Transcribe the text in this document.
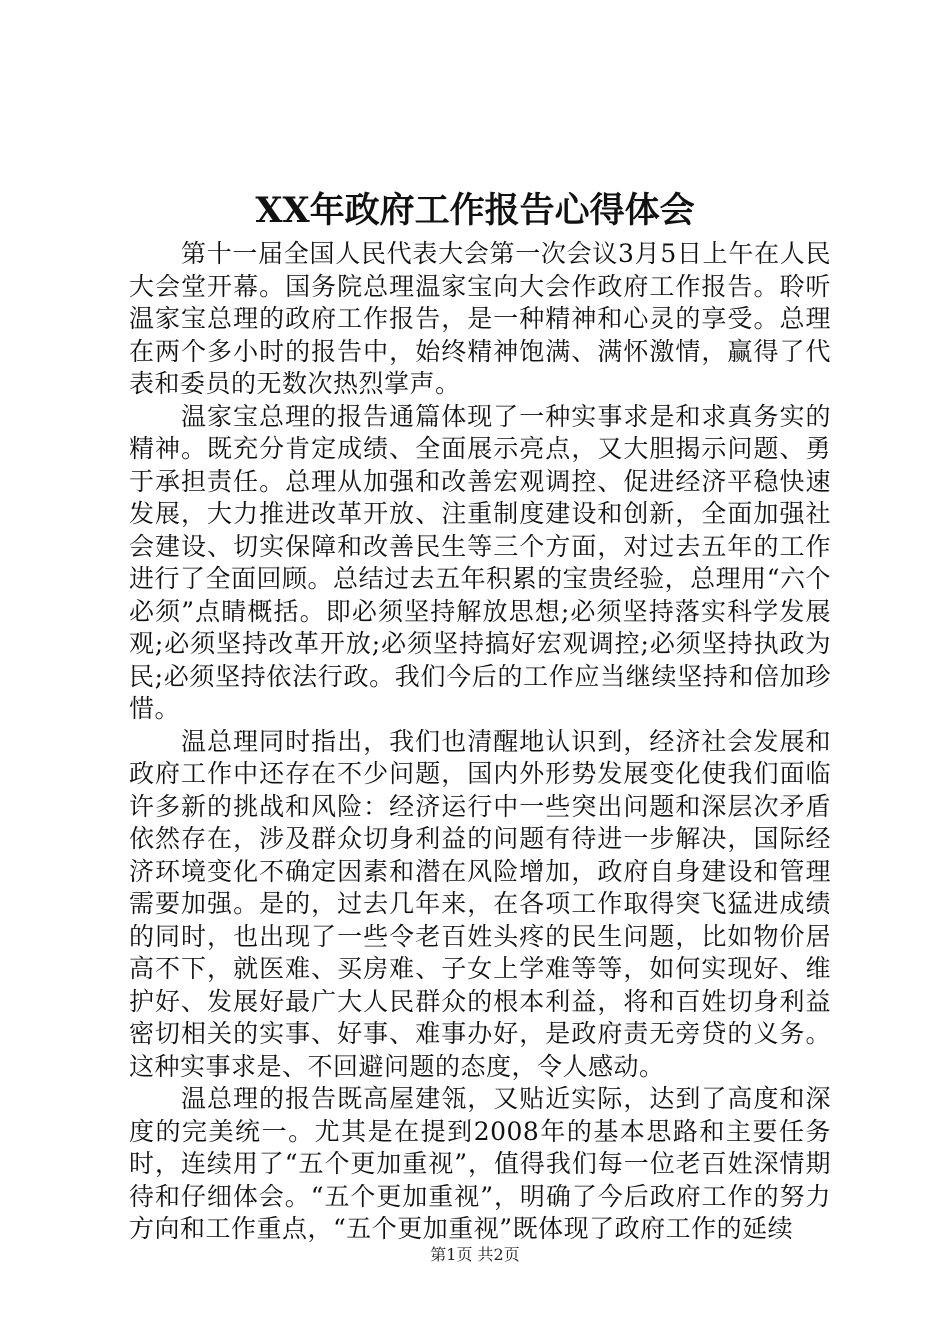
XX年政府工作报告心得体会

第十一届全国人民代表大会第一次会议3月5日上午在人民大会堂开幕。国务院总理温家宝向大会作政府工作报告。聆听温家宝总理的政府工作报告，是一种精神和心灵的享受。总理在两个多小时的报告中，始终精神饱满、满怀激情，赢得了代表和委员的无数次热烈掌声。

温家宝总理的报告通篇体现了一种实事求是和求真务实的精神。既充分肯定成绩、全面展示亮点，又大胆揭示问题、勇于承担责任。总理从加强和改善宏观调控、促进经济平稳快速发展，大力推进改革开放、注重制度建设和创新，全面加强社会建设、切实保障和改善民生等三个方面，对过去五年的工作进行了全面回顾。总结过去五年积累的宝贵经验，总理用“六个必须”点睛概括。即必须坚持解放思想;必须坚持落实科学发展观;必须坚持改革开放;必须坚持搞好宏观调控;必须坚持执政为民;必须坚持依法行政。我们今后的工作应当继续坚持和倍加珍惜。

温总理同时指出，我们也清醒地认识到，经济社会发展和政府工作中还存在不少问题，国内外形势发展变化使我们面临许多新的挑战和风险：经济运行中一些突出问题和深层次矛盾依然存在，涉及群众切身利益的问题有待进一步解决，国际经济环境变化不确定因素和潜在风险增加，政府自身建设和管理需要加强。是的，过去几年来，在各项工作取得突飞猛进成绩的同时，也出现了一些令老百姓头疼的民生问题，比如物价居高不下，就医难、买房难、子女上学难等等，如何实现好、维护好、发展好最广大人民群众的根本利益，将和百姓切身利益密切相关的实事、好事、难事办好，是政府责无旁贷的义务。这种实事求是、不回避问题的态度，令人感动。

温总理的报告既高屋建瓴，又贴近实际，达到了高度和深度的完美统一。尤其是在提到2008年的基本思路和主要任务时，连续用了“五个更加重视”，值得我们每一位老百姓深情期待和仔细体会。“五个更加重视”，明确了今后政府工作的努力方向和工作重点，“五个更加重视”既体现了政府工作的延续

第1页 共2页
